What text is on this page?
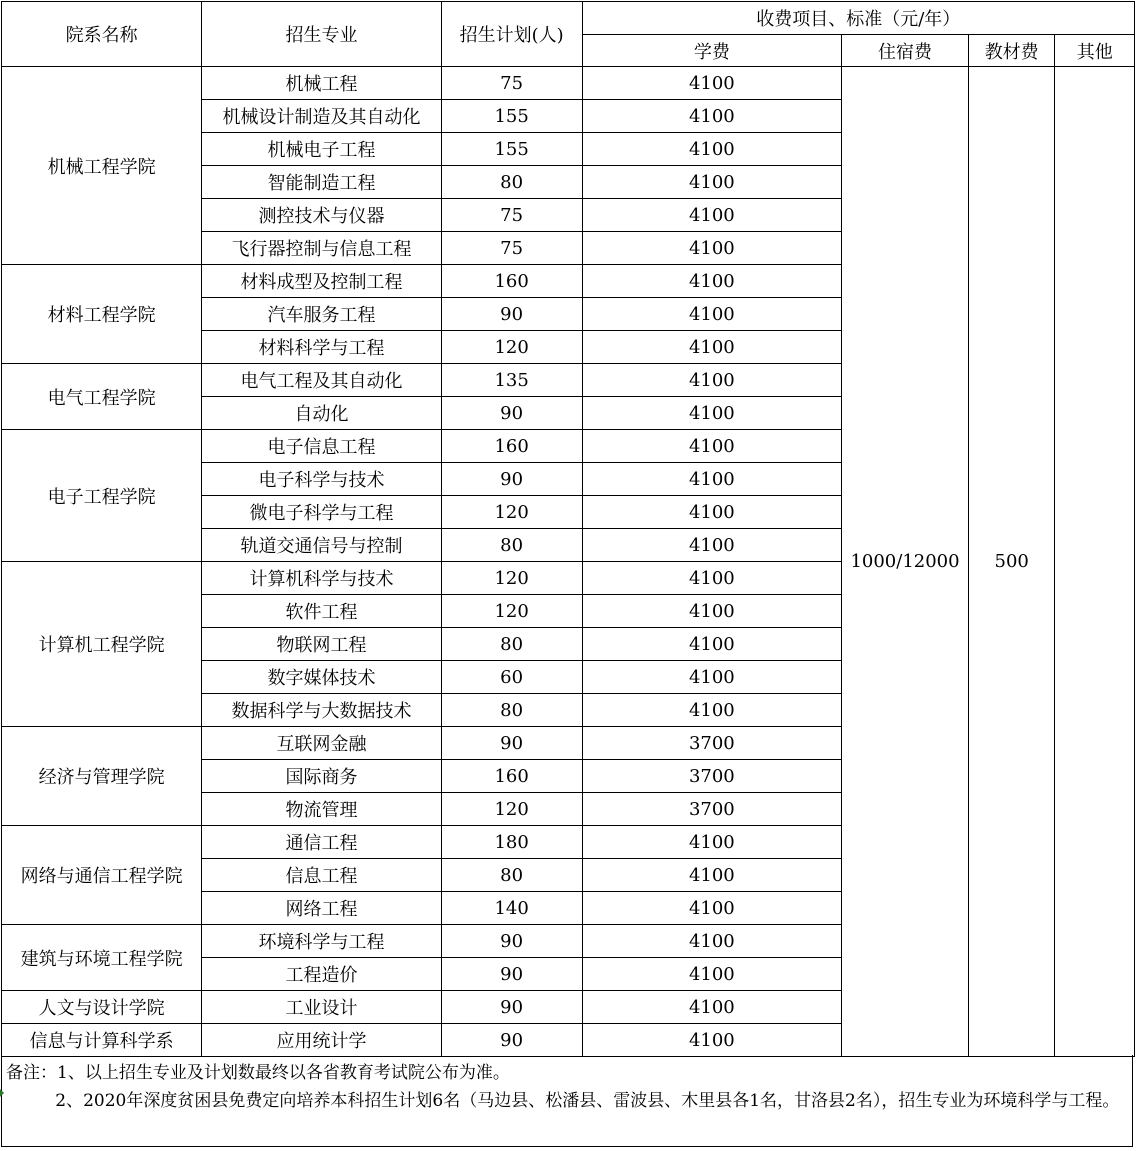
院系名称	招生专业	招生计划(人)	收费项目、标准（元/年）			
			学费	住宿费	教材费	其他
机械工程学院	机械工程	75	4100	1000/12000	500	
	机械设计制造及其自动化	155	4100			
	机械电子工程	155	4100			
	智能制造工程	80	4100			
	测控技术与仪器	75	4100			
	飞行器控制与信息工程	75	4100			
材料工程学院	材料成型及控制工程	160	4100			
	汽车服务工程	90	4100			
	材料科学与工程	120	4100			
电气工程学院	电气工程及其自动化	135	4100			
	自动化	90	4100			
电子工程学院	电子信息工程	160	4100			
	电子科学与技术	90	4100			
	微电子科学与工程	120	4100			
	轨道交通信号与控制	80	4100			
计算机工程学院	计算机科学与技术	120	4100			
	软件工程	120	4100			
	物联网工程	80	4100			
	数字媒体技术	60	4100			
	数据科学与大数据技术	80	4100			
经济与管理学院	互联网金融	90	3700			
	国际商务	160	3700			
	物流管理	120	3700			
网络与通信工程学院	通信工程	180	4100			
	信息工程	80	4100			
	网络工程	140	4100			
建筑与环境工程学院	环境科学与工程	90	4100			
	工程造价	90	4100			
人文与设计学院	工业设计	90	4100			
信息与计算科学系	应用统计学	90	4100			

备注：1、以上招生专业及计划数最终以各省教育考试院公布为准。

2、2020年深度贫困县免费定向培养本科招生计划6名（马边县、松潘县、雷波县、木里县各1名，甘洛县2名），招生专业为环境科学与工程。
